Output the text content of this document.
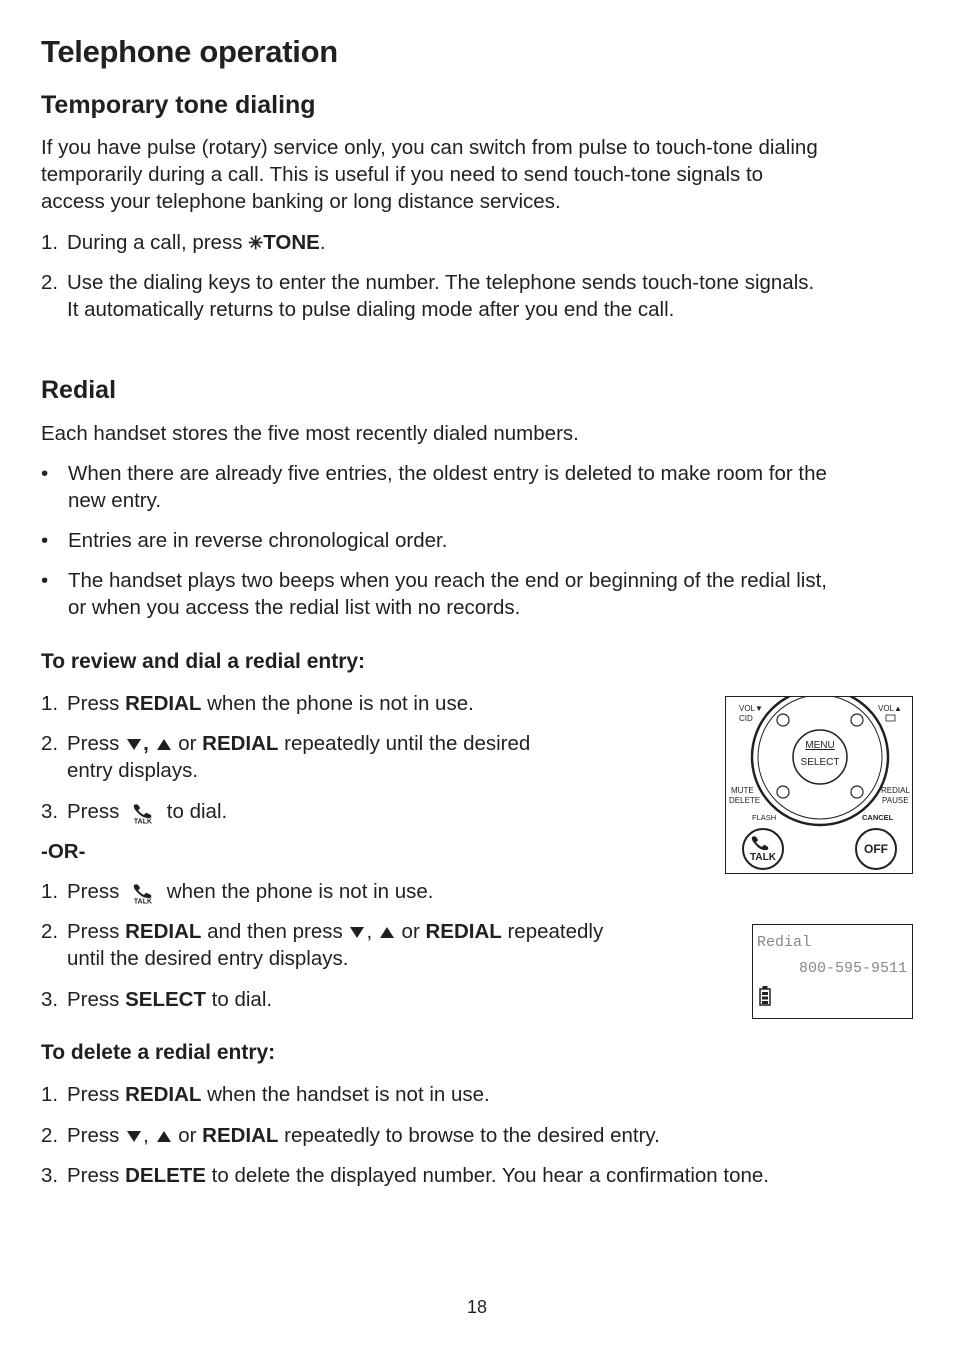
Telephone operation
Temporary tone dialing
If you have pulse (rotary) service only, you can switch from pulse to touch-tone dialing
temporarily during a call. This is useful if you need to send touch-tone signals to
access your telephone banking or long distance services.
1. During a call, press ✳TONE.
2. Use the dialing keys to enter the number. The telephone sends touch-tone signals.
It automatically returns to pulse dialing mode after you end the call.
Redial
Each handset stores the five most recently dialed numbers.
• When there are already five entries, the oldest entry is deleted to make room for the
new entry.
• Entries are in reverse chronological order.
• The handset plays two beeps when you reach the end or beginning of the redial list,
or when you access the redial list with no records.
To review and dial a redial entry:
1. Press REDIAL when the phone is not in use.
2. Press ,  or REDIAL repeatedly until the desired
entry displays.
3. Press TALK to dial.
-OR-
1. Press TALK when the phone is not in use.
2. Press REDIAL and then press ,  or REDIAL repeatedly
until the desired entry displays.
3. Press SELECT to dial.
To delete a redial entry:
1. Press REDIAL when the handset is not in use.
2. Press ,  or REDIAL repeatedly to browse to the desired entry.
3. Press DELETE to delete the displayed number. You hear a confirmation tone.
MENU
SELECT
VOL▼
CID
VOL▲
MUTE
DELETE
REDIAL
PAUSE
FLASH	CANCEL
TALK
OFF
Redial
800-595-9511
18
